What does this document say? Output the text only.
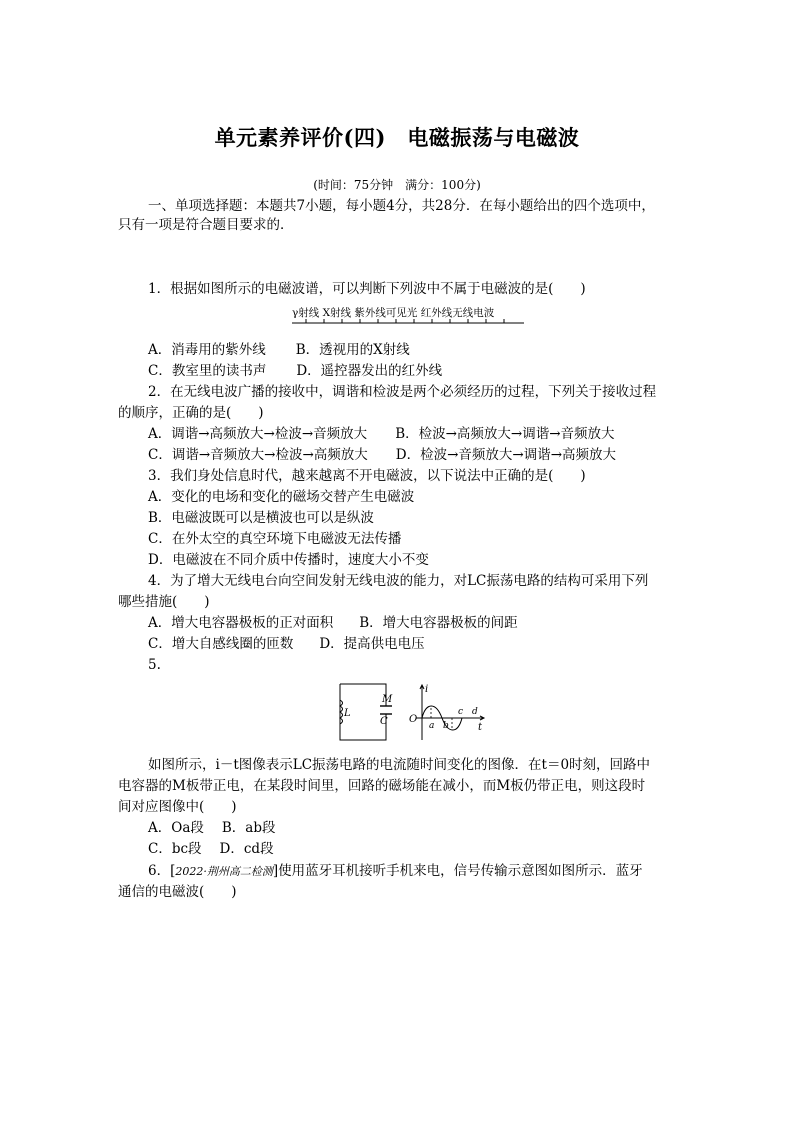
单元素养评价(四)　电磁振荡与电磁波
(时间：75分钟　满分：100分)
一、单项选择题：本题共7小题，每小题4分，共28分．在每小题给出的四个选项中，
只有一项是符合题目要求的．
1．根据如图所示的电磁波谱，可以判断下列波中不属于电磁波的是(　　)
γ射线 X射线 紫外线可见光 红外线无线电波
A．消毒用的紫外线 B．透视用的X射线
C．教室里的读书声 D．遥控器发出的红外线
2．在无线电波广播的接收中，调谐和检波是两个必须经历的过程，下列关于接收过程
的顺序，正确的是(　　)
A．调谐→高频放大→检波→音频放大 B．检波→高频放大→调谐→音频放大
C．调谐→音频放大→检波→高频放大 D．检波→音频放大→调谐→高频放大
3．我们身处信息时代，越来越离不开电磁波，以下说法中正确的是(　　)
A．变化的电场和变化的磁场交替产生电磁波
B．电磁波既可以是横波也可以是纵波
C．在外太空的真空环境下电磁波无法传播
D．电磁波在不同介质中传播时，速度大小不变
4．为了增大无线电台向空间发射无线电波的能力，对LC振荡电路的结构可采用下列
哪些措施(　　)
A．增大电容器极板的正对面积 B．增大电容器极板的间距
C．增大自感线圈的匝数 D．提高供电电压
5.
L
M
C
i
O
a b
c d
t
如图所示，i－t图像表示LC振荡电路的电流随时间变化的图像．在t＝0时刻，回路中
电容器的M板带正电，在某段时间里，回路的磁场能在减小，而M板仍带正电，则这段时
间对应图像中(　　)
A．Oa段 B．ab段
C．bc段 D．cd段
6．[2022·荆州高二检测]使用蓝牙耳机接听手机来电，信号传输示意图如图所示．蓝牙
通信的电磁波(　　)
